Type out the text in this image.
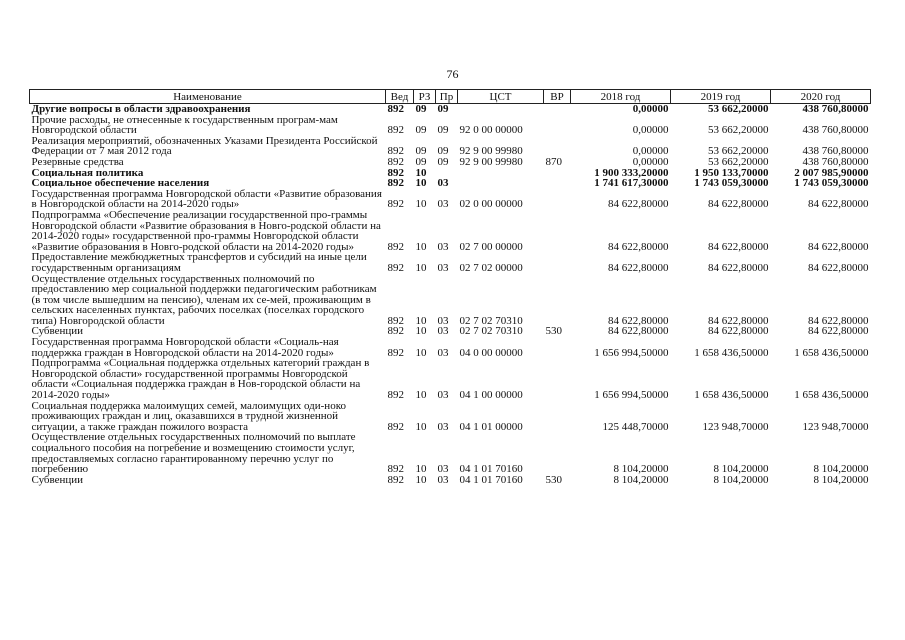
76
Наименование	Вед	РЗ	Пр	ЦСТ	ВР	2018 год	2019 год	2020 год
Другие вопросы в области здравоохранения	892	09	09			0,00000	53 662,20000	438 760,80000
Прочие расходы, не отнесенные к государственным програм-мам Новгородской области	892	09	09	92 0 00 00000		0,00000	53 662,20000	438 760,80000
Реализация мероприятий, обозначенных Указами Президента Российской Федерации от 7 мая 2012 года	892	09	09	92 9 00 99980		0,00000	53 662,20000	438 760,80000
Резервные средства	892	09	09	92 9 00 99980	870	0,00000	53 662,20000	438 760,80000
Социальная политика	892	10				1 900 333,20000	1 950 133,70000	2 007 985,90000
Социальное обеспечение населения	892	10	03			1 741 617,30000	1 743 059,30000	1 743 059,30000
Государственная программа Новгородской области «Развитие образования в Новгородской области на 2014-2020 годы»	892	10	03	02 0 00 00000		84 622,80000	84 622,80000	84 622,80000
Подпрограмма «Обеспечение реализации государственной про-граммы Новгородской области «Развитие образования в Новго-родской области на 2014-2020 годы» государственной про-граммы Новгородской области «Развитие образования в Новго-родской области на 2014-2020 годы»	892	10	03	02 7 00 00000		84 622,80000	84 622,80000	84 622,80000
Предоставление межбюджетных трансфертов и субсидий на иные цели государственным организациям	892	10	03	02 7 02 00000		84 622,80000	84 622,80000	84 622,80000
Осуществление отдельных государственных полномочий по предоставлению мер социальной поддержки педагогическим работникам (в том числе вышедшим на пенсию), членам их се-мей, проживающим в сельских населенных пунктах, рабочих поселках (поселках городского типа) Новгородской области	892	10	03	02 7 02 70310		84 622,80000	84 622,80000	84 622,80000
Субвенции	892	10	03	02 7 02 70310	530	84 622,80000	84 622,80000	84 622,80000
Государственная программа Новгородской области «Социаль-ная поддержка граждан в Новгородской области на 2014-2020 годы»	892	10	03	04 0 00 00000		1 656 994,50000	1 658 436,50000	1 658 436,50000
Подпрограмма «Социальная поддержка отдельных категорий граждан в Новгородской области» государственной программы Новгородской области «Социальная поддержка граждан в Нов-городской области на 2014-2020 годы»	892	10	03	04 1 00 00000		1 656 994,50000	1 658 436,50000	1 658 436,50000
Социальная поддержка малоимущих семей, малоимущих оди-ноко проживающих граждан и лиц, оказавшихся в трудной жизненной ситуации, а также граждан пожилого возраста	892	10	03	04 1 01 00000		125 448,70000	123 948,70000	123 948,70000
Осуществление отдельных государственных полномочий по выплате социального пособия на погребение и возмещению стоимости услуг, предоставляемых согласно гарантированному перечню услуг по погребению	892	10	03	04 1 01 70160		8 104,20000	8 104,20000	8 104,20000
Субвенции	892	10	03	04 1 01 70160	530	8 104,20000	8 104,20000	8 104,20000
